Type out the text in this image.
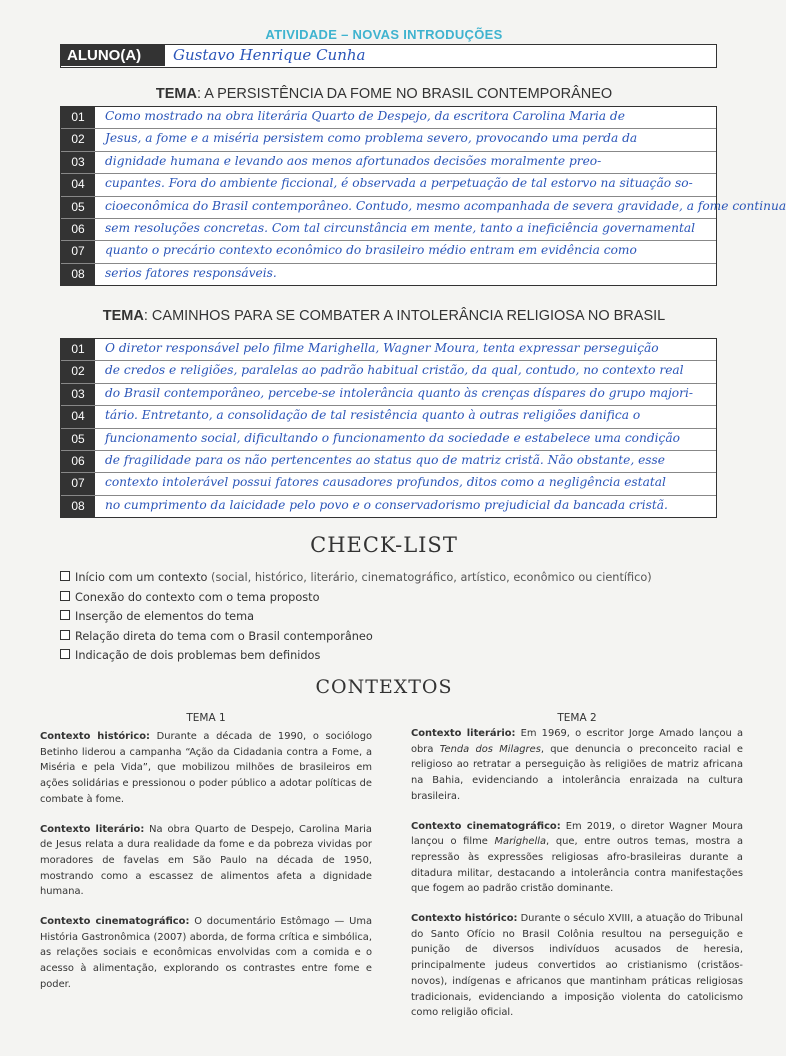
ATIVIDADE – NOVAS INTRODUÇÕES
ALUNO(A)	Gustavo Henrique Cunha
TEMA: A PERSISTÊNCIA DA FOME NO BRASIL CONTEMPORÂNEO
01	Como mostrado na obra literária Quarto de Despejo, da escritora Carolina Maria de
02	Jesus, a fome e a miséria persistem como problema severo, provocando uma perda da
03	dignidade humana e levando aos menos afortunados decisões moralmente preo-
04	cupantes. Fora do ambiente ficcional, é observada a perpetuação de tal estorvo na situação so-
05	cioeconômica do Brasil contemporâneo. Contudo, mesmo acompanhada de severa gravidade, a fome continua
06	sem resoluções concretas. Com tal circunstância em mente, tanto a ineficiência governamental
07	quanto o precário contexto econômico do brasileiro médio entram em evidência como
08	serios fatores responsáveis.
TEMA: CAMINHOS PARA SE COMBATER A INTOLERÂNCIA RELIGIOSA NO BRASIL
01	O diretor responsável pelo filme Marighella, Wagner Moura, tenta expressar perseguição
02	de credos e religiões, paralelas ao padrão habitual cristão, da qual, contudo, no contexto real
03	do Brasil contemporâneo, percebe-se intolerância quanto às crenças díspares do grupo majori-
04	tário. Entretanto, a consolidação de tal resistência quanto à outras religiões danifica o
05	funcionamento social, dificultando o funcionamento da sociedade e estabelece uma condição
06	de fragilidade para os não pertencentes ao status quo de matriz cristã. Não obstante, esse
07	contexto intolerável possui fatores causadores profundos, ditos como a negligência estatal
08	no cumprimento da laicidade pelo povo e o conservadorismo prejudicial da bancada cristã.
CHECK-LIST
Início com um contexto (social, histórico, literário, cinematográfico, artístico, econômico ou científico)
Conexão do contexto com o tema proposto
Inserção de elementos do tema
Relação direta do tema com o Brasil contemporâneo
Indicação de dois problemas bem definidos
CONTEXTOS
TEMA 1

Contexto histórico: Durante a década de 1990, o sociólogo Betinho liderou a campanha “Ação da Cidadania contra a Fome, a Miséria e pela Vida”, que mobilizou milhões de brasileiros em ações solidárias e pressionou o poder público a adotar políticas de combate à fome.

Contexto literário: Na obra Quarto de Despejo, Carolina Maria de Jesus relata a dura realidade da fome e da pobreza vividas por moradores de favelas em São Paulo na década de 1950, mostrando como a escassez de alimentos afeta a dignidade humana.

Contexto cinematográfico: O documentário Estômago — Uma História Gastronômica (2007) aborda, de forma crítica e simbólica, as relações sociais e econômicas envolvidas com a comida e o acesso à alimentação, explorando os contrastes entre fome e poder.

TEMA 2

Contexto literário: Em 1969, o escritor Jorge Amado lançou a obra Tenda dos Milagres, que denuncia o preconceito racial e religioso ao retratar a perseguição às religiões de matriz africana na Bahia, evidenciando a intolerância enraizada na cultura brasileira.

Contexto cinematográfico: Em 2019, o diretor Wagner Moura lançou o filme Marighella, que, entre outros temas, mostra a repressão às expressões religiosas afro-brasileiras durante a ditadura militar, destacando a intolerância contra manifestações que fogem ao padrão cristão dominante.

Contexto histórico: Durante o século XVIII, a atuação do Tribunal do Santo Ofício no Brasil Colônia resultou na perseguição e punição de diversos indivíduos acusados de heresia, principalmente judeus convertidos ao cristianismo (cristãos-novos), indígenas e africanos que mantinham práticas religiosas tradicionais, evidenciando a imposição violenta do catolicismo como religião oficial.
